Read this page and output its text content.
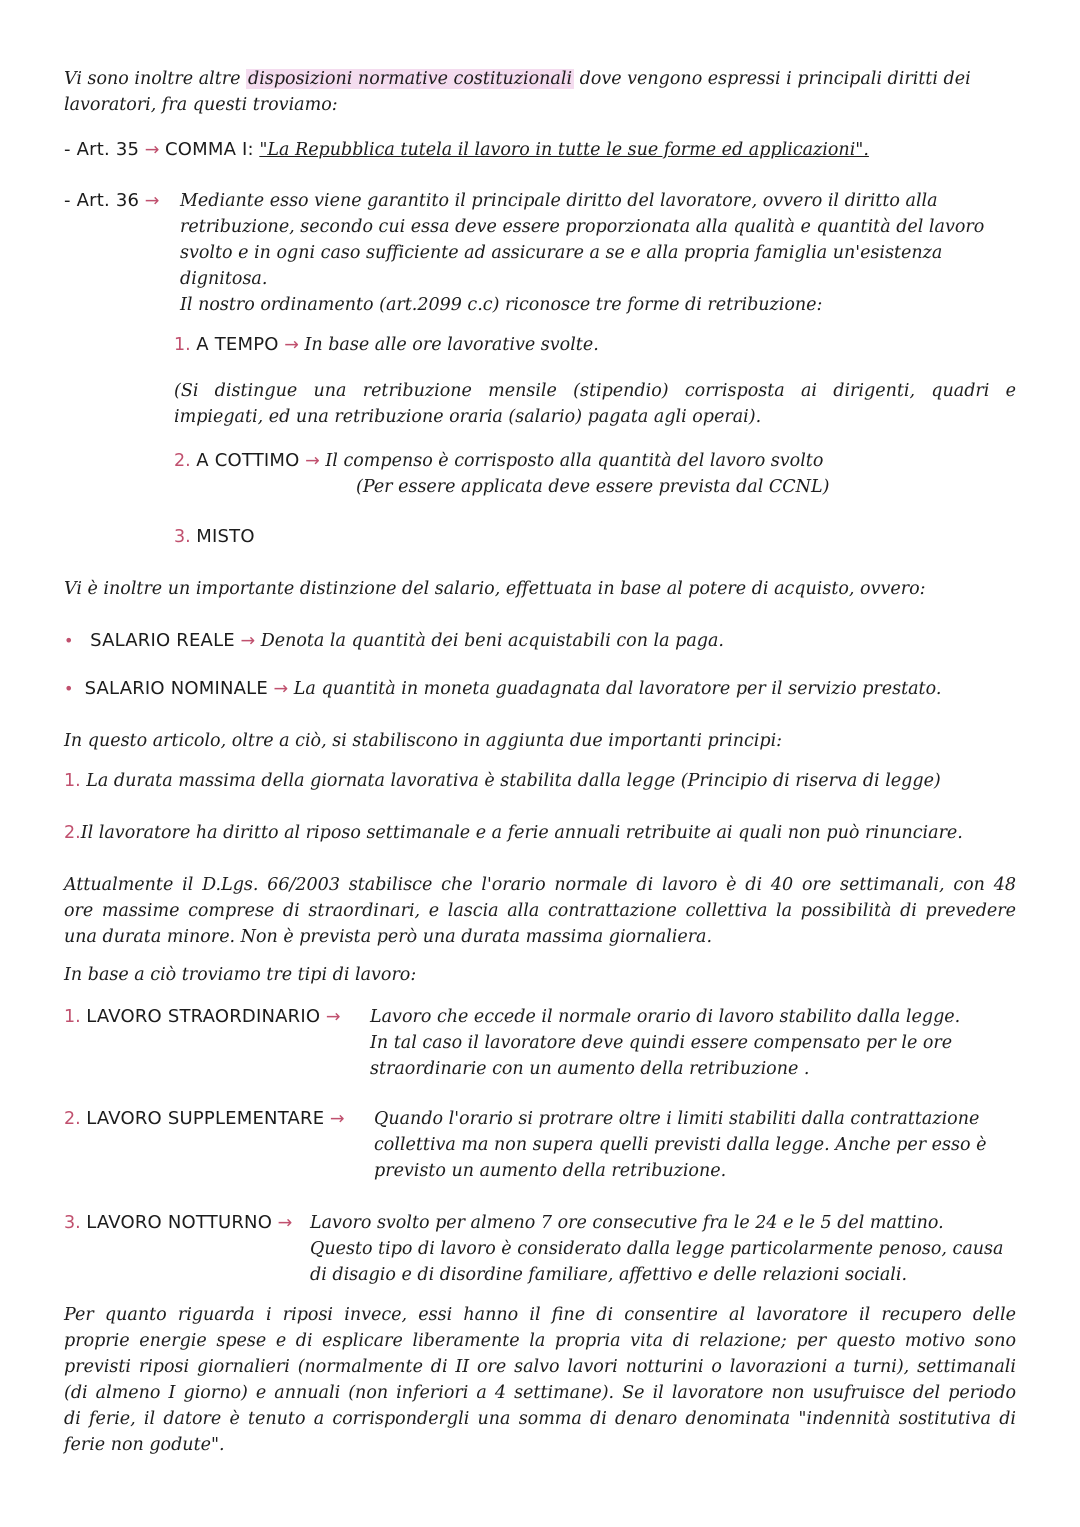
Vi sono inoltre altre disposizioni normative costituzionali dove vengono espressi i principali diritti dei
lavoratori, fra questi troviamo:
- Art. 35 → COMMA I: "La Repubblica tutela il lavoro in tutte le sue forme ed applicazioni".
- Art. 36 → Mediante esso viene garantito il principale diritto del lavoratore, ovvero il diritto alla
retribuzione, secondo cui essa deve essere proporzionata alla qualità e quantità del lavoro
svolto e in ogni caso sufficiente ad assicurare a se e alla propria famiglia un'esistenza
dignitosa.
Il nostro ordinamento (art.2099 c.c) riconosce tre forme di retribuzione:
1. A TEMPO → In base alle ore lavorative svolte.
(Si distingue una retribuzione mensile (stipendio) corrisposta ai dirigenti, quadri e
impiegati, ed una retribuzione oraria (salario) pagata agli operai).
2. A COTTIMO → Il compenso è corrisposto alla quantità del lavoro svolto
(Per essere applicata deve essere prevista dal CCNL)
3. MISTO
Vi è inoltre un importante distinzione del salario, effettuata in base al potere di acquisto, ovvero:
• SALARIO REALE → Denota la quantità dei beni acquistabili con la paga.
• SALARIO NOMINALE → La quantità in moneta guadagnata dal lavoratore per il servizio prestato.
In questo articolo, oltre a ciò, si stabiliscono in aggiunta due importanti principi:
1. La durata massima della giornata lavorativa è stabilita dalla legge (Principio di riserva di legge)
2.Il lavoratore ha diritto al riposo settimanale e a ferie annuali retribuite ai quali non può rinunciare.
Attualmente il D.Lgs. 66/2003 stabilisce che l'orario normale di lavoro è di 40 ore settimanali, con 48
ore massime comprese di straordinari, e lascia alla contrattazione collettiva la possibilità di prevedere
una durata minore. Non è prevista però una durata massima giornaliera.
In base a ciò troviamo tre tipi di lavoro:
1. LAVORO STRAORDINARIO → Lavoro che eccede il normale orario di lavoro stabilito dalla legge.
In tal caso il lavoratore deve quindi essere compensato per le ore
straordinarie con un aumento della retribuzione .
2. LAVORO SUPPLEMENTARE → Quando l'orario si protrare oltre i limiti stabiliti dalla contrattazione
collettiva ma non supera quelli previsti dalla legge. Anche per esso è
previsto un aumento della retribuzione.
3. LAVORO NOTTURNO → Lavoro svolto per almeno 7 ore consecutive fra le 24 e le 5 del mattino.
Questo tipo di lavoro è considerato dalla legge particolarmente penoso, causa
di disagio e di disordine familiare, affettivo e delle relazioni sociali.
Per quanto riguarda i riposi invece, essi hanno il fine di consentire al lavoratore il recupero delle
proprie energie spese e di esplicare liberamente la propria vita di relazione; per questo motivo sono
previsti riposi giornalieri (normalmente di II ore salvo lavori notturini o lavorazioni a turni), settimanali
(di almeno I giorno) e annuali (non inferiori a 4 settimane). Se il lavoratore non usufruisce del periodo
di ferie, il datore è tenuto a corrispondergli una somma di denaro denominata "indennità sostitutiva di
ferie non godute".
